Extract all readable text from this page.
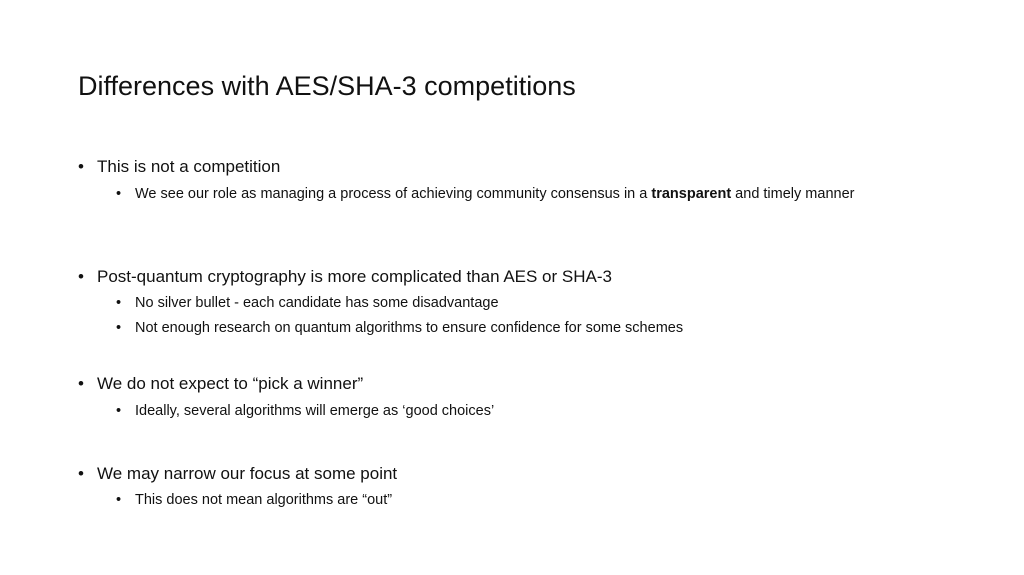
Differences with AES/SHA-3 competitions
• This is not a competition
• We see our role as managing a process of achieving community consensus in a transparent and timely manner
• Post-quantum cryptography is more complicated than AES or SHA-3
• No silver bullet - each candidate has some disadvantage
• Not enough research on quantum algorithms to ensure confidence for some schemes
• We do not expect to “pick a winner”
• Ideally, several algorithms will emerge as ‘good choices’
• We may narrow our focus at some point
• This does not mean algorithms are “out”
